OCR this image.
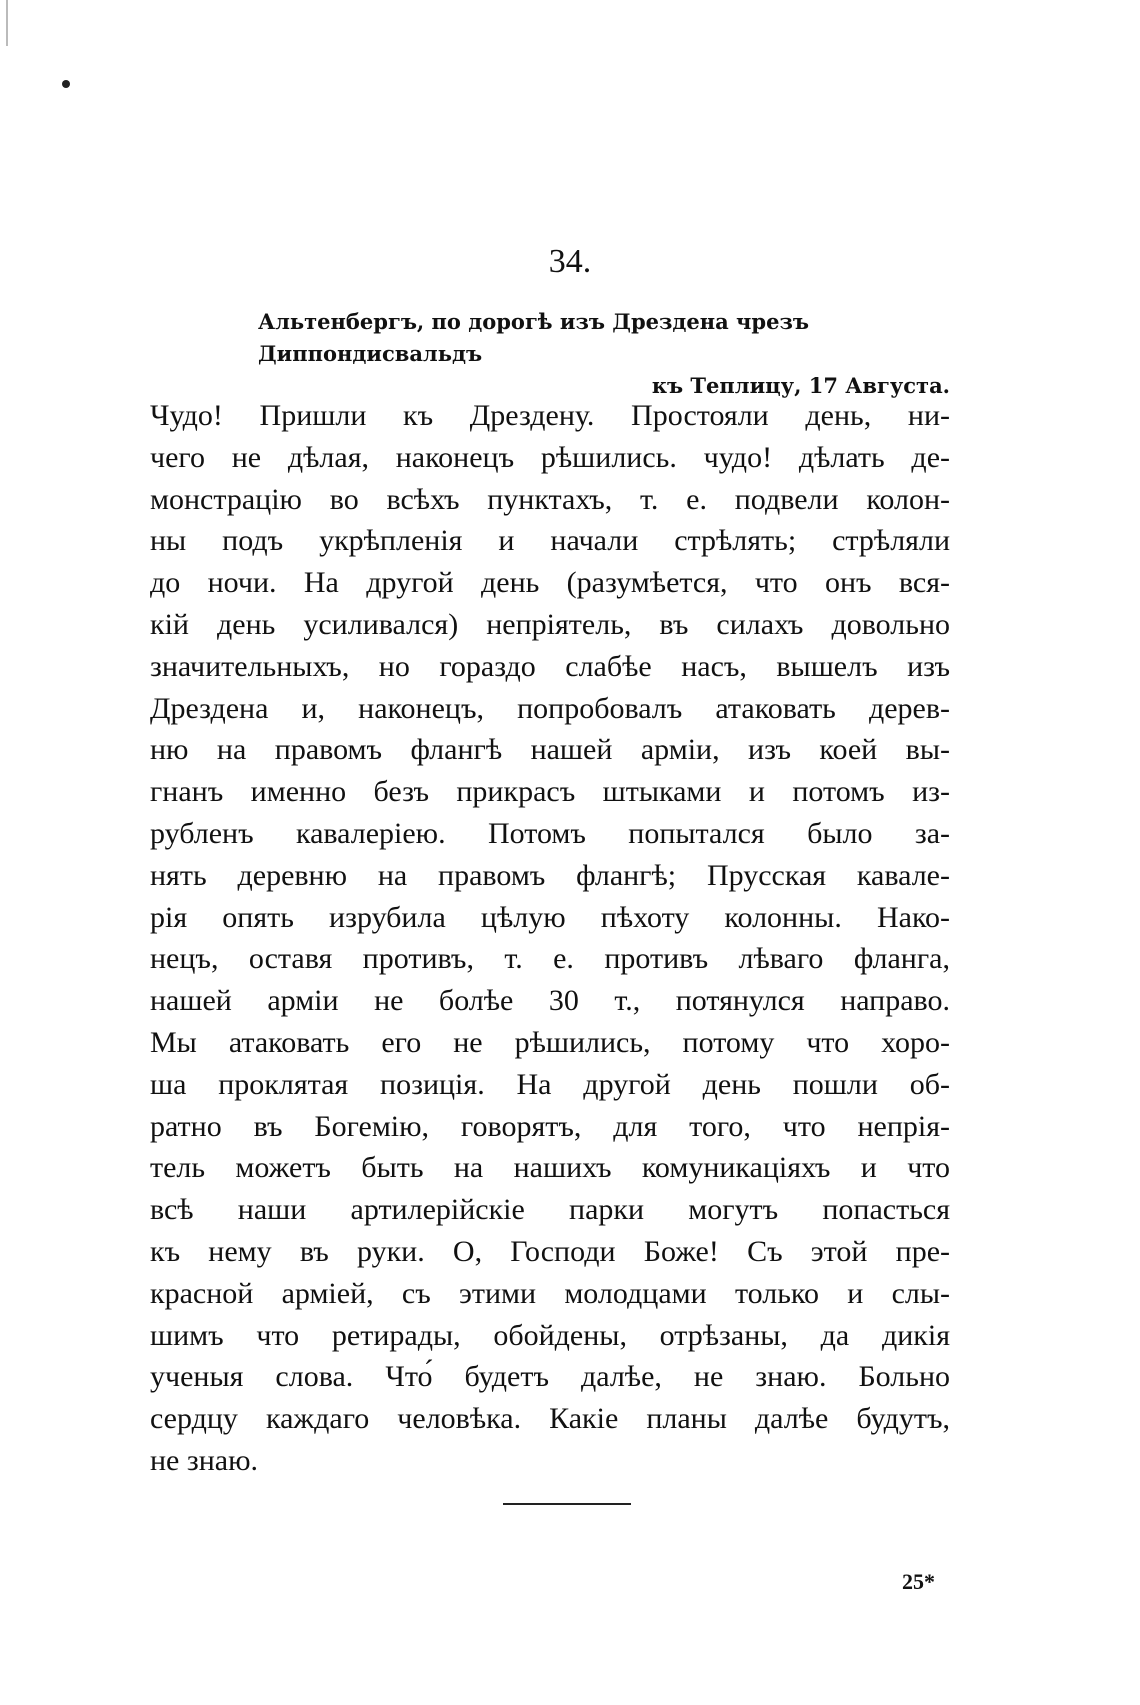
34.
Альтенбергъ, по дорогѣ изъ Дрездена чрезъ Диппондисвальдъ
къ Теплицу, 17 Августа.
Чудо! Пришли къ Дрездену. Простояли день, ни-
чего не дѣлая, наконецъ рѣшились. чудо! дѣлать де-
монстрацію во всѣхъ пунктахъ, т. е. подвели колон-
ны подъ укрѣпленія и начали стрѣлять; стрѣляли
до ночи. На другой день (разумѣется, что онъ вся-
кій день усиливался) непріятель, въ силахъ довольно
значительныхъ, но гораздо слабѣе насъ, вышелъ изъ
Дрездена и, наконецъ, попробовалъ атаковать дерев-
ню на правомъ флангѣ нашей арміи, изъ коей вы-
гнанъ именно безъ прикрасъ штыками и потомъ из-
рубленъ кавалеріею. Потомъ попытался было за-
нять деревню на правомъ флангѣ; Прусская кавале-
рія опять изрубила цѣлую пѣхоту колонны. Нако-
нецъ, оставя противъ, т. е. противъ лѣваго фланга,
нашей арміи не болѣе 30 т., потянулся направо.
Мы атаковать его не рѣшились, потому что хоро-
ша проклятая позиція. На другой день пошли об-
ратно въ Богемію, говорятъ, для того, что непрія-
тель можетъ быть на нашихъ комуникаціяхъ и что
всѣ наши артилерійскіе парки могутъ попасться
къ нему въ руки. О, Господи Боже! Съ этой пре-
красной арміей, съ этими молодцами только и слы-
шимъ что ретирады, обойдены, отрѣзаны, да дикія
ученыя слова. Что́ будетъ далѣе, не знаю. Больно
сердцу каждаго человѣка. Какіе планы далѣе будутъ,
не знаю.
25*
